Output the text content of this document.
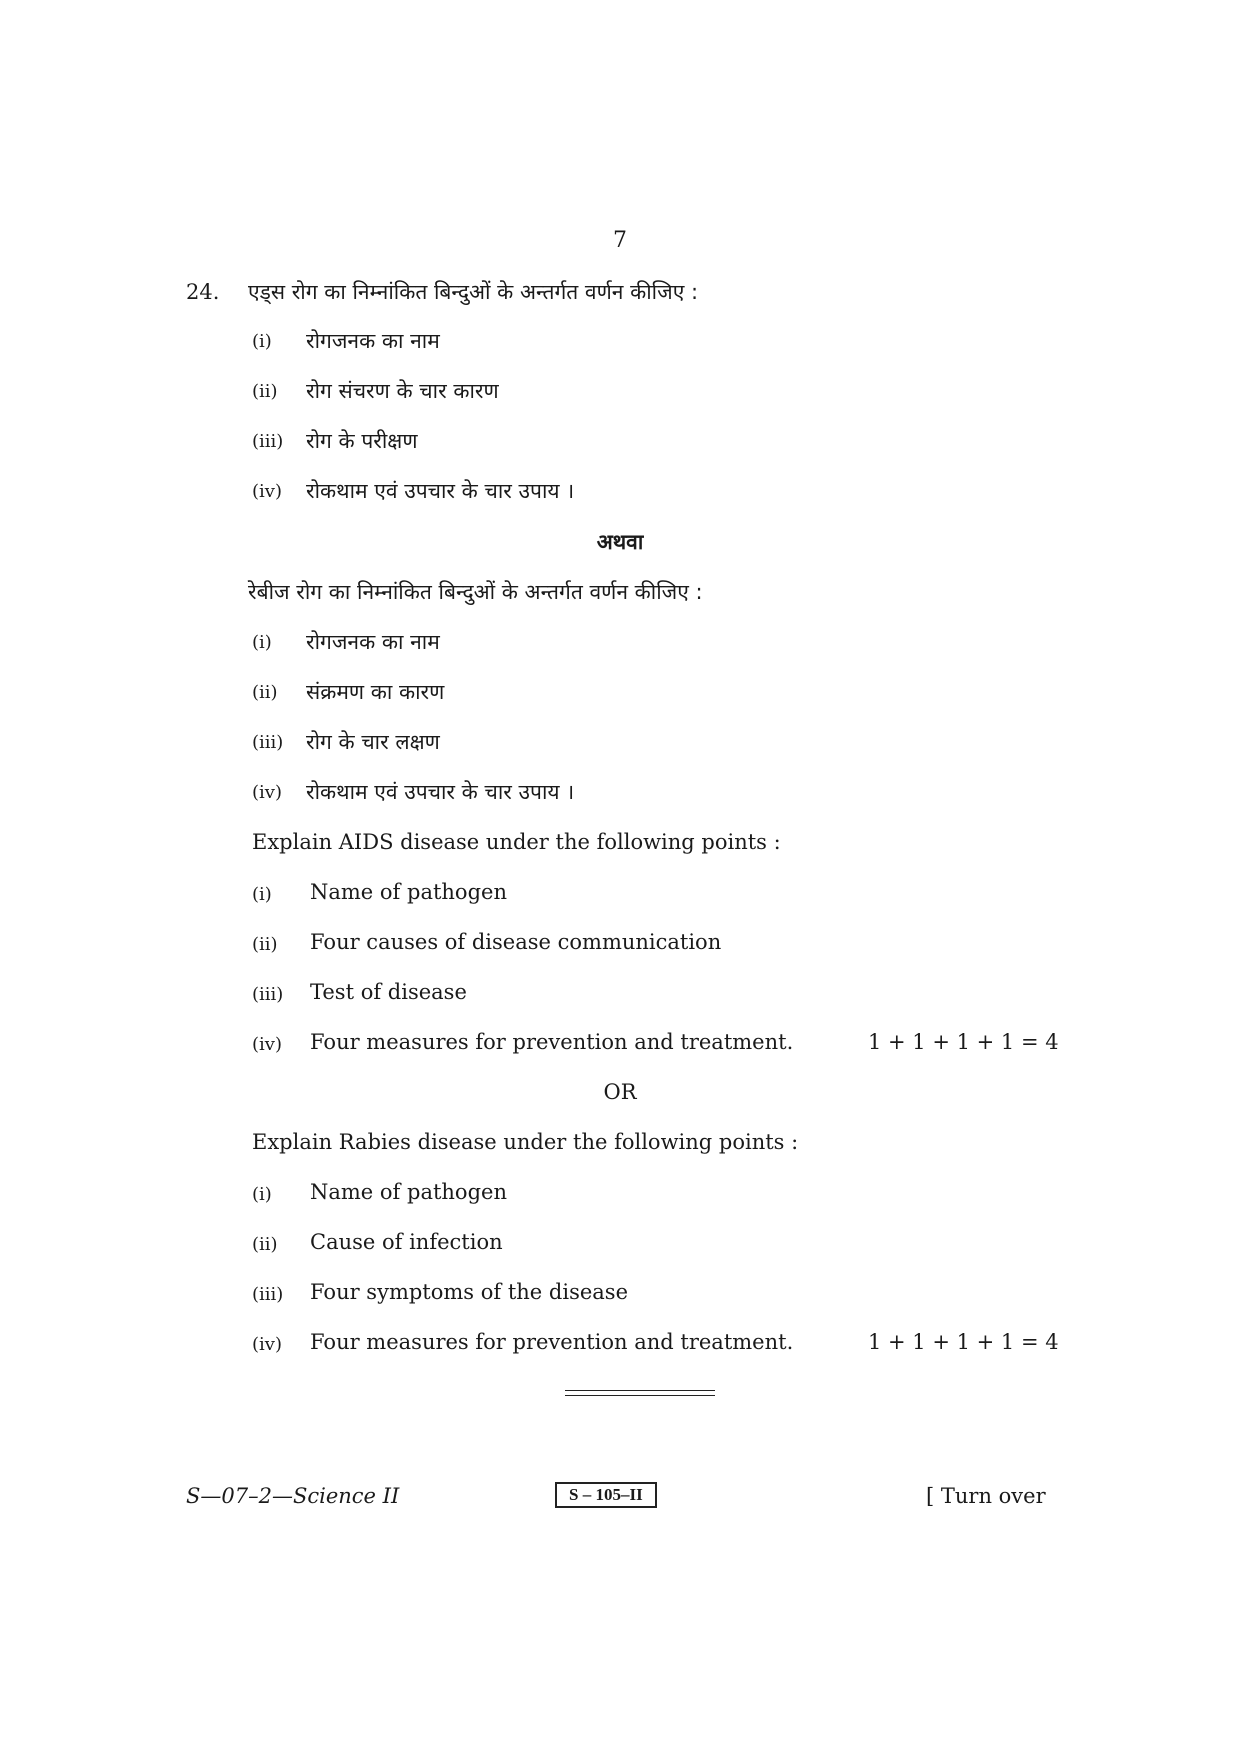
7
24. एड्स रोग का निम्नांकित बिन्दुओं के अन्तर्गत वर्णन कीजिए :
(i) रोगजनक का नाम
(ii) रोग संचरण के चार कारण
(iii) रोग के परीक्षण
(iv) रोकथाम एवं उपचार के चार उपाय ।
अथवा
रेबीज रोग का निम्नांकित बिन्दुओं के अन्तर्गत वर्णन कीजिए :
(i) रोगजनक का नाम
(ii) संक्रमण का कारण
(iii) रोग के चार लक्षण
(iv) रोकथाम एवं उपचार के चार उपाय ।
Explain AIDS disease under the following points :
(i) Name of pathogen
(ii) Four causes of disease communication
(iii) Test of disease
(iv) Four measures for prevention and treatment.	1 + 1 + 1 + 1 = 4
OR
Explain Rabies disease under the following points :
(i) Name of pathogen
(ii) Cause of infection
(iii) Four symptoms of the disease
(iv) Four measures for prevention and treatment.	1 + 1 + 1 + 1 = 4
S—07–2—Science II	S – 105–II	[ Turn over
